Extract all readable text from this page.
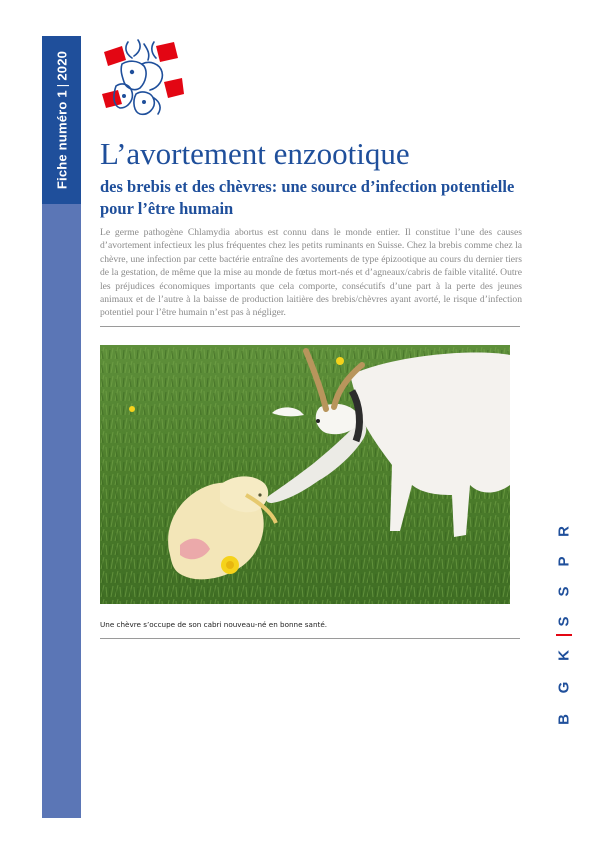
Fiche numéro 1|2020
L’avortement enzootique
des brebis et des chèvres: une source d’infection potentielle pour l’être humain

Le germe pathogène Chlamydia abortus est connu dans le monde entier. Il constitue l’une des causes d’avortement infectieux les plus fréquentes chez les petits ruminants en Suisse. Chez la brebis comme chez la chèvre, une infection par cette bactérie entraîne des avortements de type épizootique au cours du dernier tiers de la gestation, de même que la mise au monde de fœtus mort-nés et d’agneaux/cabris de faible vitalité. Outre les préjudices économiques importants que cela comporte, consécutifs d’une part à la perte des jeunes animaux et de l’autre à la baisse de production laitière des brebis/chèvres ayant avorté, le risque d’infection potentiel pour l’être humain n’est pas à négliger.

Une chèvre s’occupe de son cabri nouveau-né en bonne santé.
B
G
K
S
S
P
R
